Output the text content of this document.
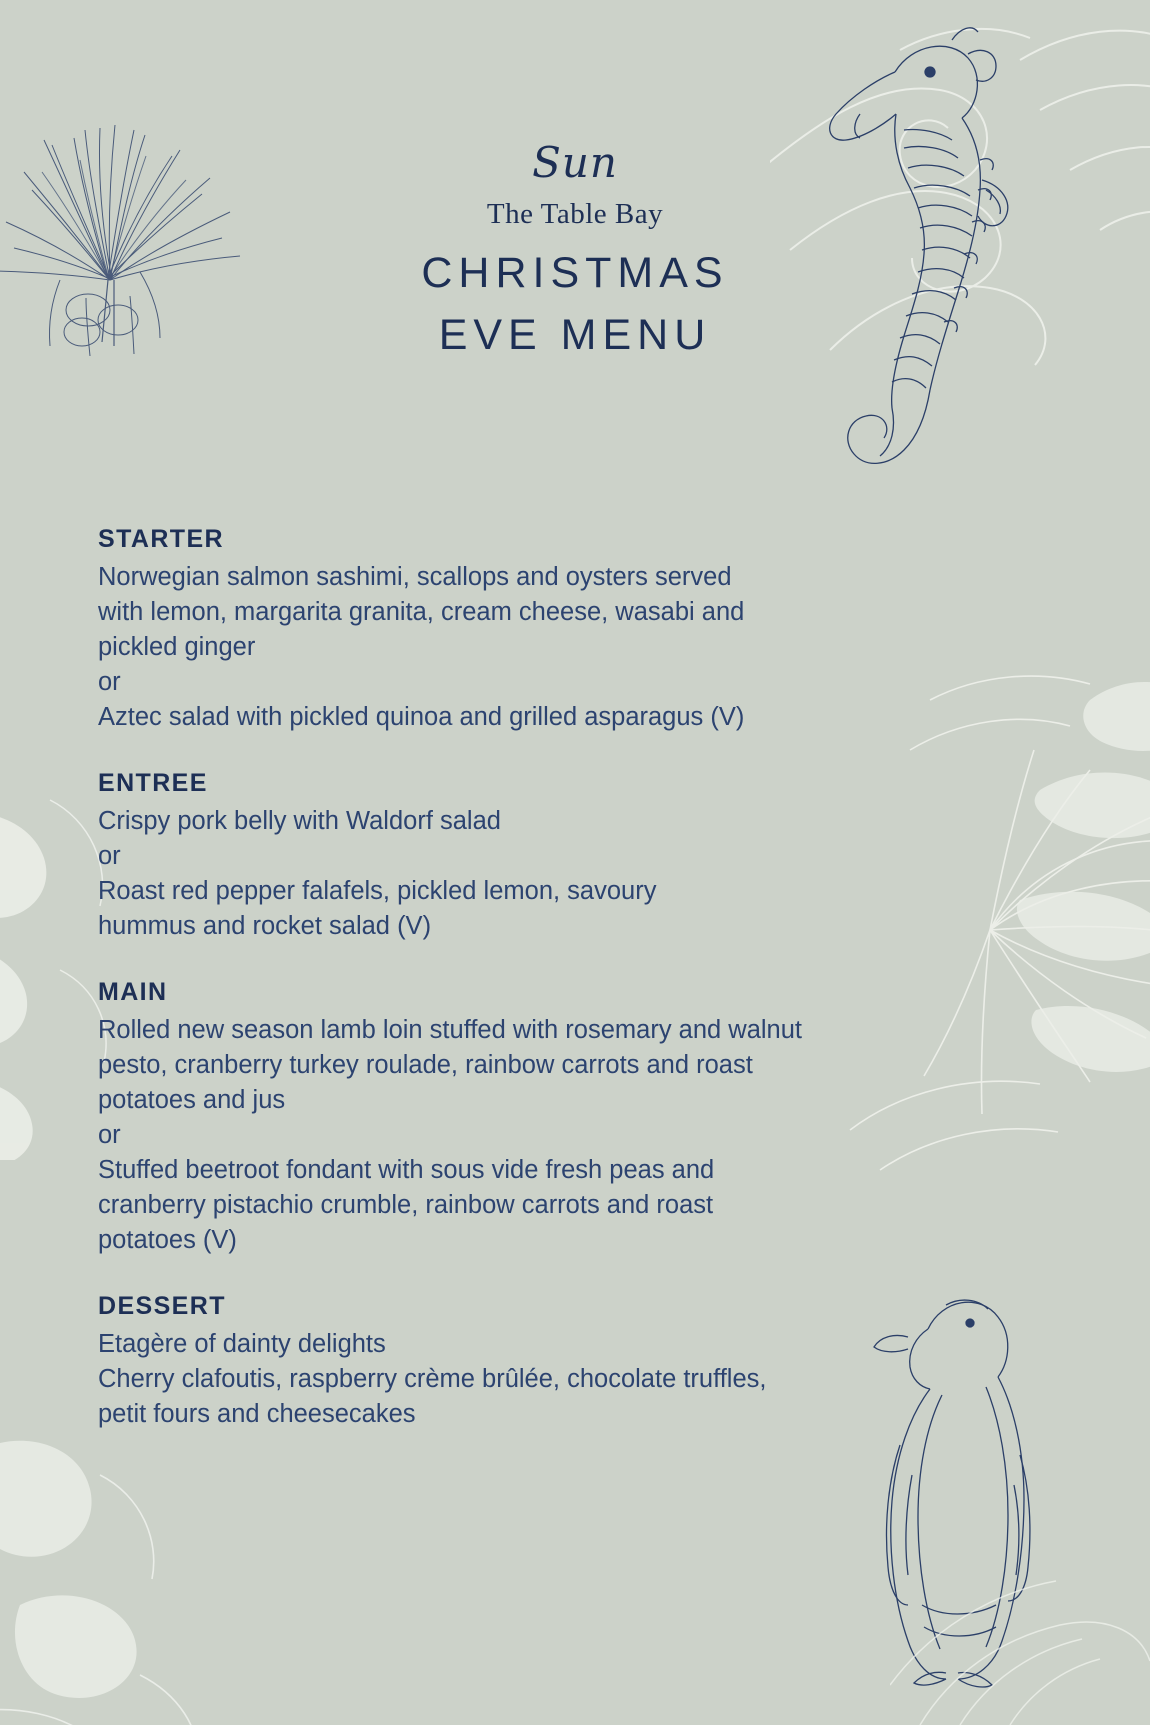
Sun
The Table Bay
CHRISTMAS
EVE MENU
STARTER
Norwegian salmon sashimi, scallops and oysters served
with lemon, margarita granita, cream cheese, wasabi and
pickled ginger
or
Aztec salad with pickled quinoa and grilled asparagus (V)
ENTREE
Crispy pork belly with Waldorf salad
or
Roast red pepper falafels, pickled lemon, savoury
hummus and rocket salad (V)
MAIN
Rolled new season lamb loin stuffed with rosemary and walnut
pesto, cranberry turkey roulade, rainbow carrots and roast
potatoes and jus
or
Stuffed beetroot fondant with sous vide fresh peas and
cranberry pistachio crumble, rainbow carrots and roast
potatoes (V)
DESSERT
Etagère of dainty delights
Cherry clafoutis, raspberry crème brûlée, chocolate truffles,
petit fours and cheesecakes
